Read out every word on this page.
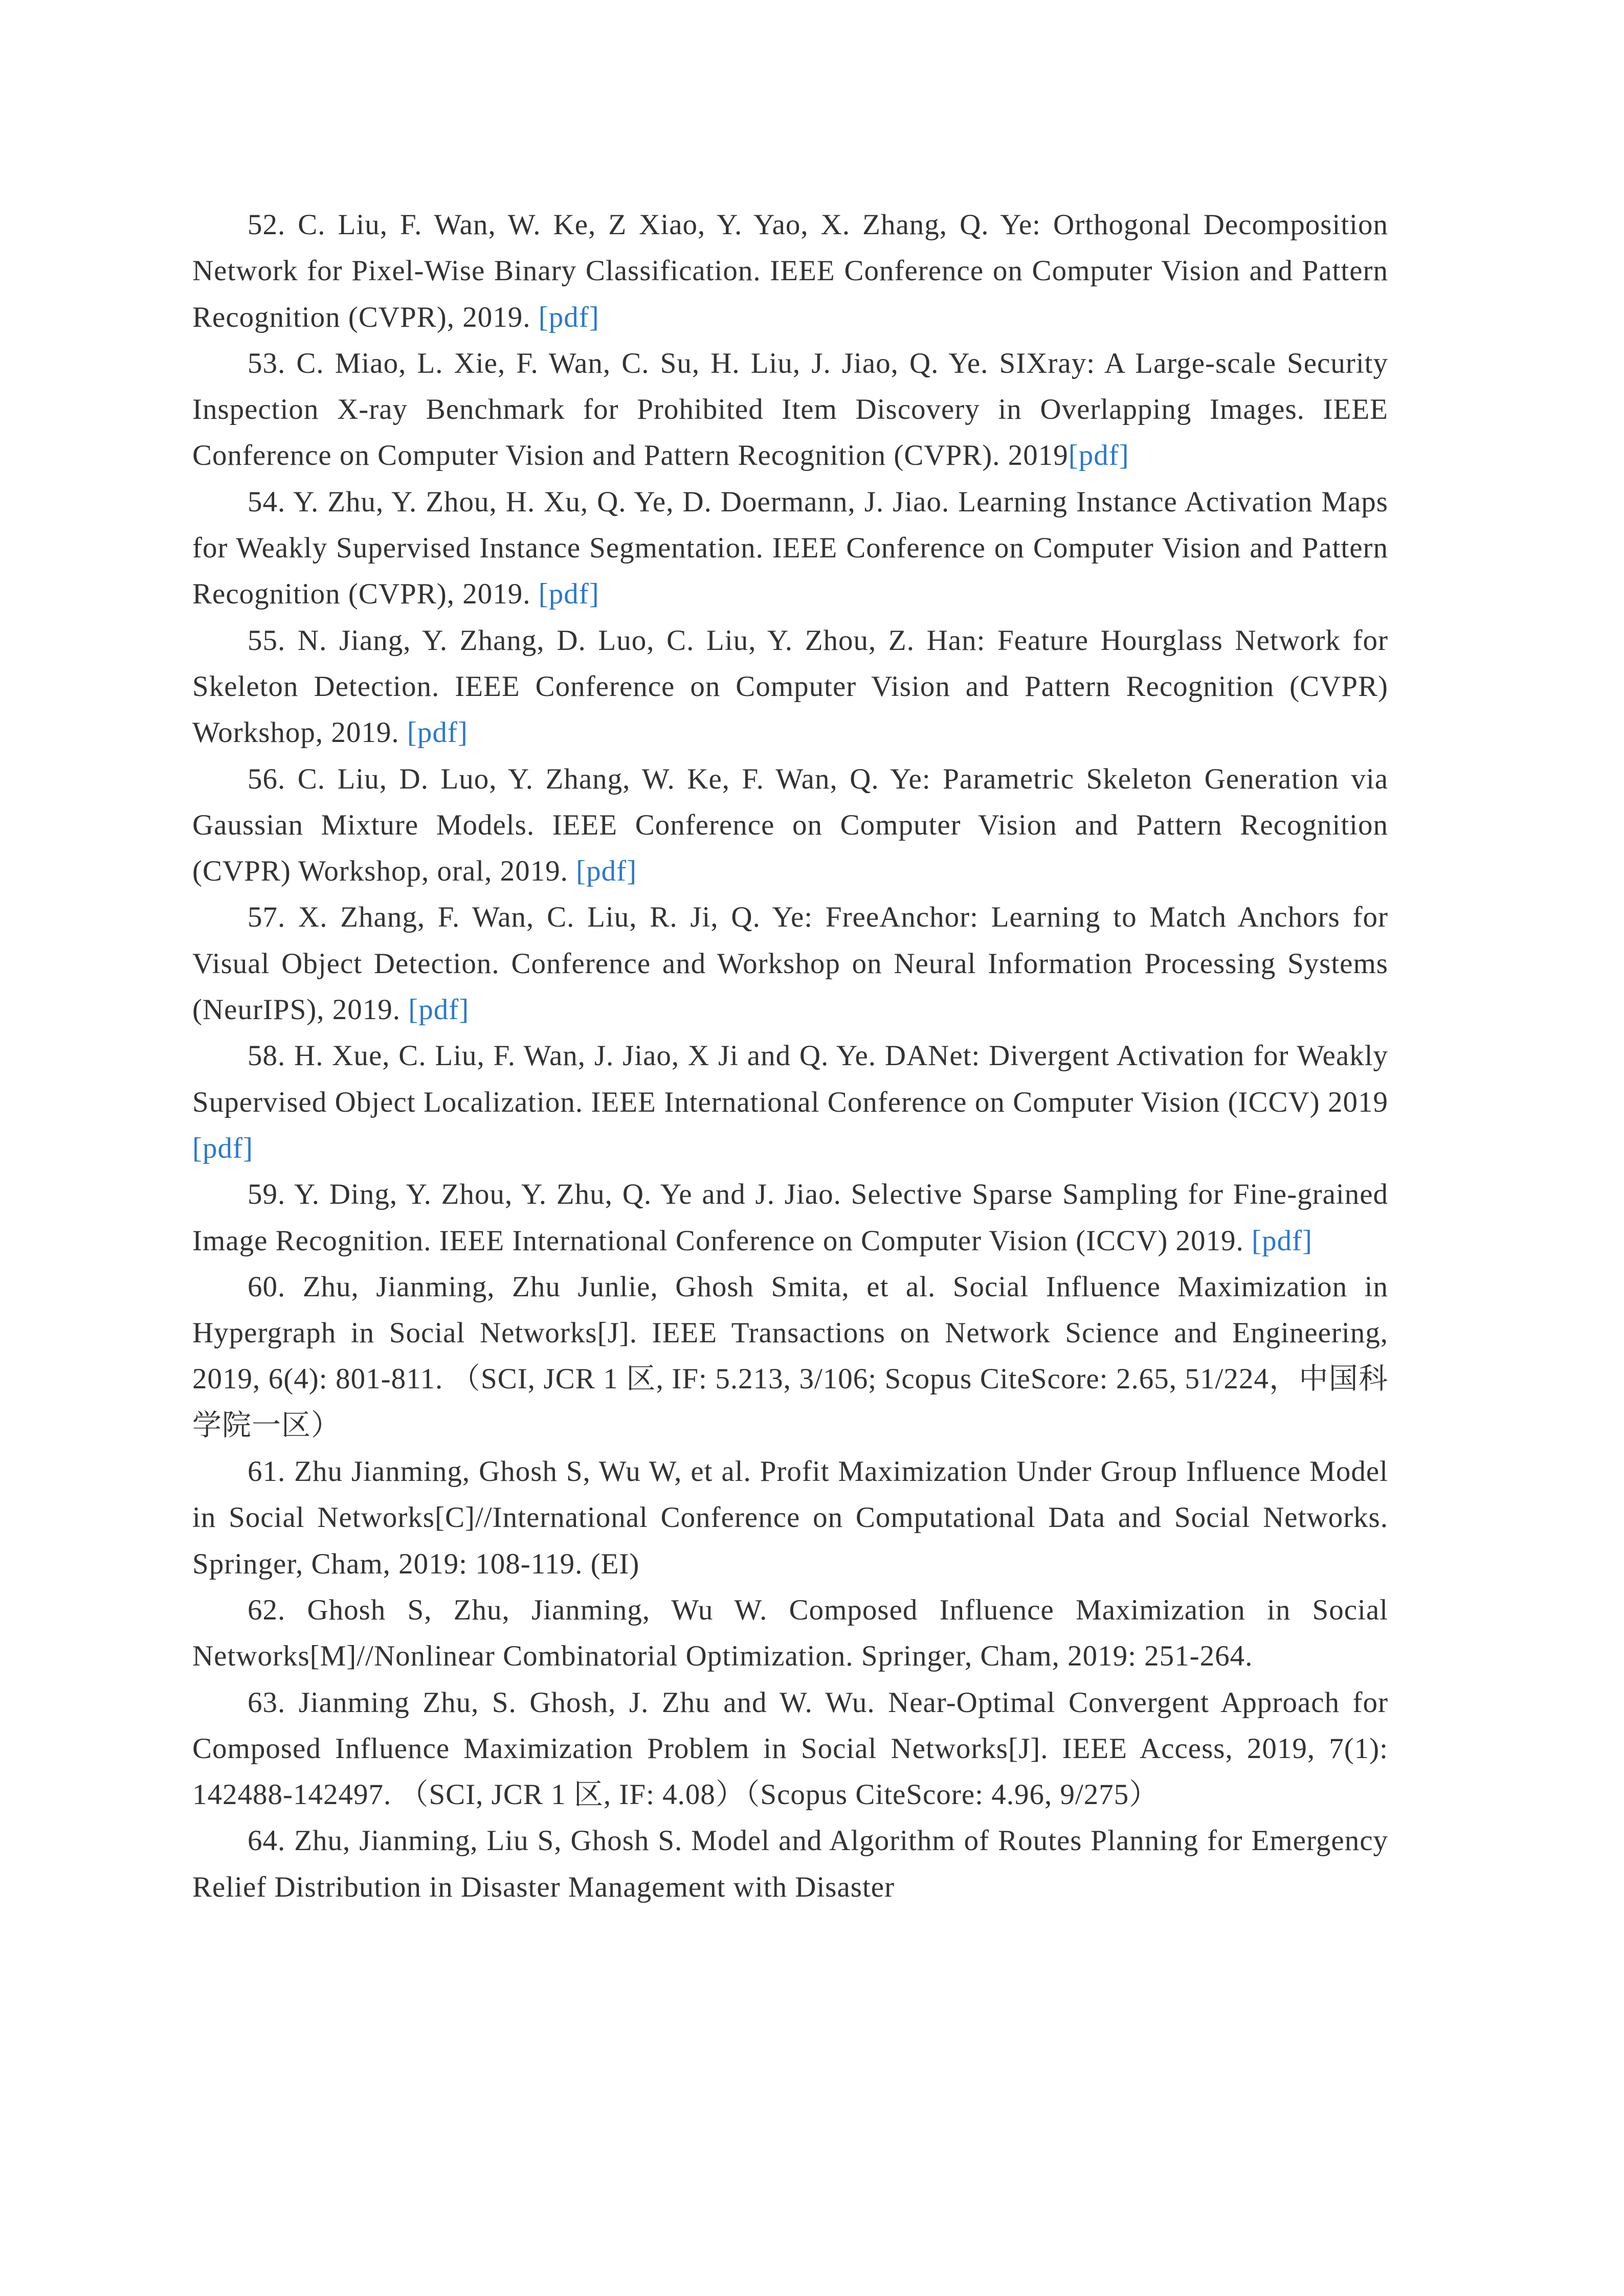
52. C. Liu, F. Wan, W. Ke, Z Xiao, Y. Yao, X. Zhang, Q. Ye: Orthogonal Decomposition Network for Pixel-Wise Binary Classification. IEEE Conference on Computer Vision and Pattern Recognition (CVPR), 2019. [pdf]

53. C. Miao, L. Xie, F. Wan, C. Su, H. Liu, J. Jiao, Q. Ye. SIXray: A Large-scale Security Inspection X-ray Benchmark for Prohibited Item Discovery in Overlapping Images. IEEE Conference on Computer Vision and Pattern Recognition (CVPR). 2019[pdf]

54. Y. Zhu, Y. Zhou, H. Xu, Q. Ye, D. Doermann, J. Jiao. Learning Instance Activation Maps for Weakly Supervised Instance Segmentation. IEEE Conference on Computer Vision and Pattern Recognition (CVPR), 2019. [pdf]

55. N. Jiang, Y. Zhang, D. Luo, C. Liu, Y. Zhou, Z. Han: Feature Hourglass Network for Skeleton Detection. IEEE Conference on Computer Vision and Pattern Recognition (CVPR) Workshop, 2019. [pdf]

56. C. Liu, D. Luo, Y. Zhang, W. Ke, F. Wan, Q. Ye: Parametric Skeleton Generation via Gaussian Mixture Models. IEEE Conference on Computer Vision and Pattern Recognition (CVPR) Workshop, oral, 2019. [pdf]

57. X. Zhang, F. Wan, C. Liu, R. Ji, Q. Ye: FreeAnchor: Learning to Match Anchors for Visual Object Detection. Conference and Workshop on Neural Information Processing Systems (NeurIPS), 2019. [pdf]

58. H. Xue, C. Liu, F. Wan, J. Jiao, X Ji and Q. Ye. DANet: Divergent Activation for Weakly Supervised Object Localization. IEEE International Conference on Computer Vision (ICCV) 2019 [pdf]

59. Y. Ding, Y. Zhou, Y. Zhu, Q. Ye and J. Jiao. Selective Sparse Sampling for Fine-grained Image Recognition. IEEE International Conference on Computer Vision (ICCV) 2019. [pdf]

60. Zhu, Jianming, Zhu Junlie, Ghosh Smita, et al. Social Influence Maximization in Hypergraph in Social Networks[J]. IEEE Transactions on Network Science and Engineering, 2019, 6(4): 801-811. （SCI, JCR 1 区, IF: 5.213, 3/106; Scopus CiteScore: 2.65, 51/224，中国科学院一区）

61. Zhu Jianming, Ghosh S, Wu W, et al. Profit Maximization Under Group Influence Model in Social Networks[C]//International Conference on Computational Data and Social Networks. Springer, Cham, 2019: 108-119. (EI)

62. Ghosh S, Zhu, Jianming, Wu W. Composed Influence Maximization in Social Networks[M]//Nonlinear Combinatorial Optimization. Springer, Cham, 2019: 251-264.

63. Jianming Zhu, S. Ghosh, J. Zhu and W. Wu. Near-Optimal Convergent Approach for Composed Influence Maximization Problem in Social Networks[J]. IEEE Access, 2019, 7(1): 142488-142497. （SCI, JCR 1 区, IF: 4.08）（Scopus CiteScore: 4.96, 9/275）

64. Zhu, Jianming, Liu S, Ghosh S. Model and Algorithm of Routes Planning for Emergency Relief Distribution in Disaster Management with Disaster
